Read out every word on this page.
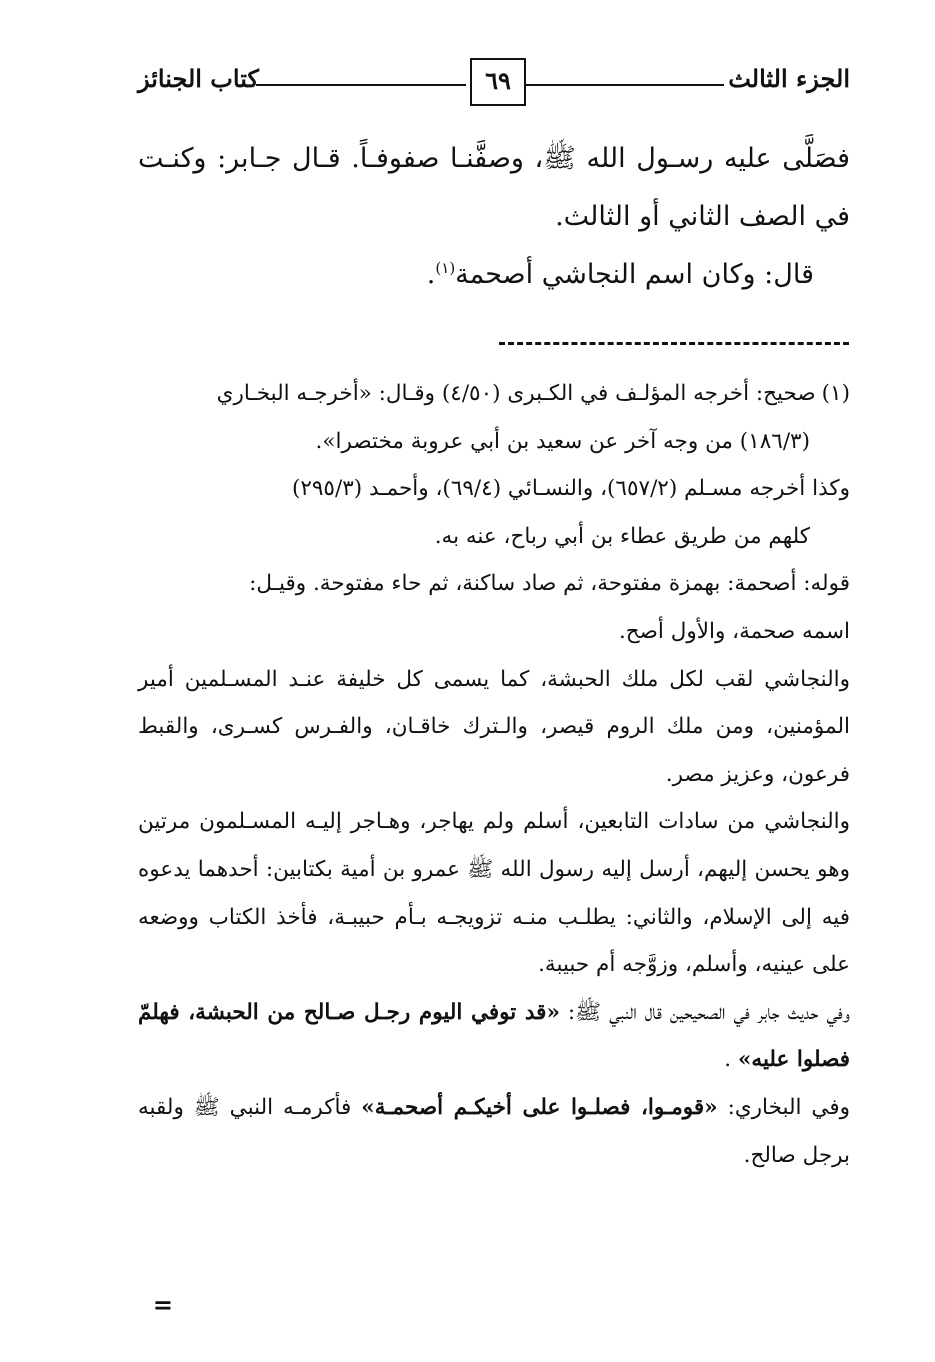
الجزء الثالث
٦٩
كتاب الجنائز

فصَلَّى عليه رسـول الله ﷺ، وصفَّنـا صفوفـاً. قـال جـابر: وكنـت في الصف الثاني أو الثالث.

قال: وكان اسم النجاشي أصحمة$^{(١)}$.

(١)صحيح: أخرجه المؤلـف في الكـبرى (٤/٥٠) وقـال: «أخرجـه البخـاري

(١٨٦/٣) من وجه آخر عن سعيد بن أبي عروبة مختصرا».

وكذا أخرجه مسـلم (٦٥٧/٢)، والنسـائي (٦٩/٤)، وأحمـد (٢٩٥/٣)

كلهم من طريق عطاء بن أبي رباح، عنه به.

قوله: أصحمة: بهمزة مفتوحة، ثم صاد ساكنة، ثم حاء مفتوحة. وقيـل:

اسمه صحمة، والأول أصح.

والنجاشي لقب لكل ملك الحبشة، كما يسمى كل خليفة عنـد المسـلمين أمير المؤمنين، ومن ملك الروم قيصر، والـترك خاقـان، والفـرس كسـرى، والقبط فرعون، وعزيز مصر.

والنجاشي من سادات التابعين، أسلم ولم يهاجر، وهـاجر إليـه المسـلمون مرتين وهو يحسن إليهم، أرسل إليه رسول الله ﷺ عمرو بن أمية بكتابين: أحدهما يدعوه فيه إلى الإسلام، والثاني: يطلـب منـه تزويجـه بـأم حبيبـة، فأخذ الكتاب ووضعه على عينيه، وأسلم، وزوَّجه أم حبيبة.

وفي حديث جابر في الصحيحين قال النبي ﷺ: «قد توفي اليوم رجـل صـالح من الحبشة، فهلمّ فصلوا عليه» .

وفي البخاري: «قومـوا، فصلـوا على أخيكـم أصحمـة» فأكرمـه النبي ﷺ ولقبه برجل صالح.

=
